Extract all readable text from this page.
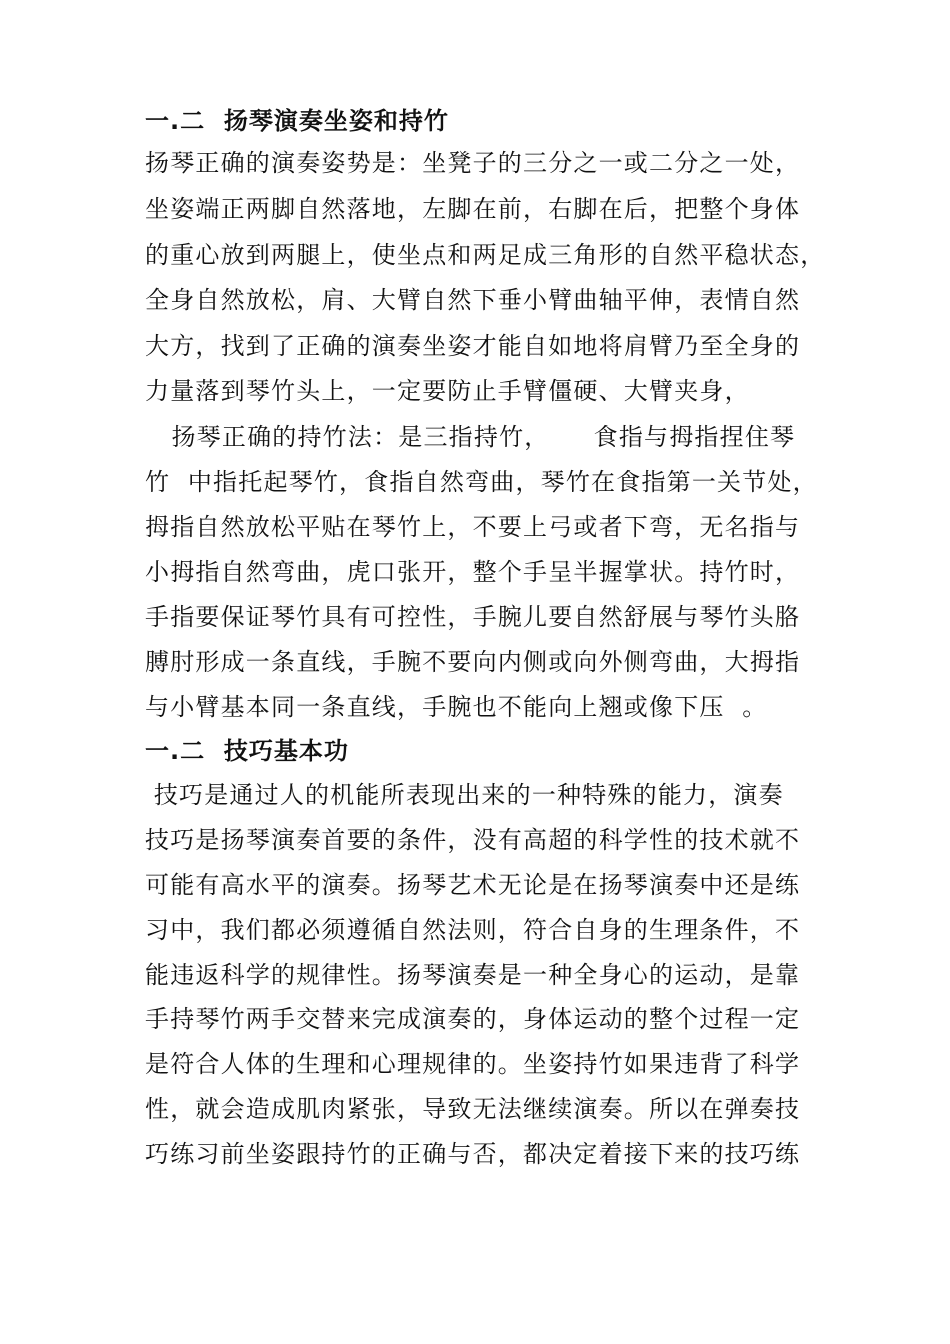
一.二  扬琴演奏坐姿和持竹
扬琴正确的演奏姿势是：坐凳子的三分之一或二分之一处，
坐姿端正两脚自然落地，左脚在前，右脚在后，把整个身体
的重心放到两腿上，使坐点和两足成三角形的自然平稳状态，
全身自然放松，肩、大臂自然下垂小臂曲轴平伸，表情自然
大方，找到了正确的演奏坐姿才能自如地将肩臂乃至全身的
力量落到琴竹头上，一定要防止手臂僵硬、大臂夹身，
扬琴正确的持竹法：是三指持竹，     食指与拇指捏住琴
竹  中指托起琴竹，食指自然弯曲，琴竹在食指第一关节处，
拇指自然放松平贴在琴竹上，不要上弓或者下弯，无名指与
小拇指自然弯曲，虎口张开，整个手呈半握掌状。持竹时，
手指要保证琴竹具有可控性，手腕儿要自然舒展与琴竹头胳
膊肘形成一条直线，手腕不要向内侧或向外侧弯曲，大拇指
与小臂基本同一条直线，手腕也不能向上翘或像下压  。
一.二  技巧基本功
技巧是通过人的机能所表现出来的一种特殊的能力，演奏
技巧是扬琴演奏首要的条件，没有高超的科学性的技术就不
可能有高水平的演奏。扬琴艺术无论是在扬琴演奏中还是练
习中，我们都必须遵循自然法则，符合自身的生理条件，不
能违返科学的规律性。扬琴演奏是一种全身心的运动，是靠
手持琴竹两手交替来完成演奏的，身体运动的整个过程一定
是符合人体的生理和心理规律的。坐姿持竹如果违背了科学
性，就会造成肌肉紧张，导致无法继续演奏。所以在弹奏技
巧练习前坐姿跟持竹的正确与否，都决定着接下来的技巧练
